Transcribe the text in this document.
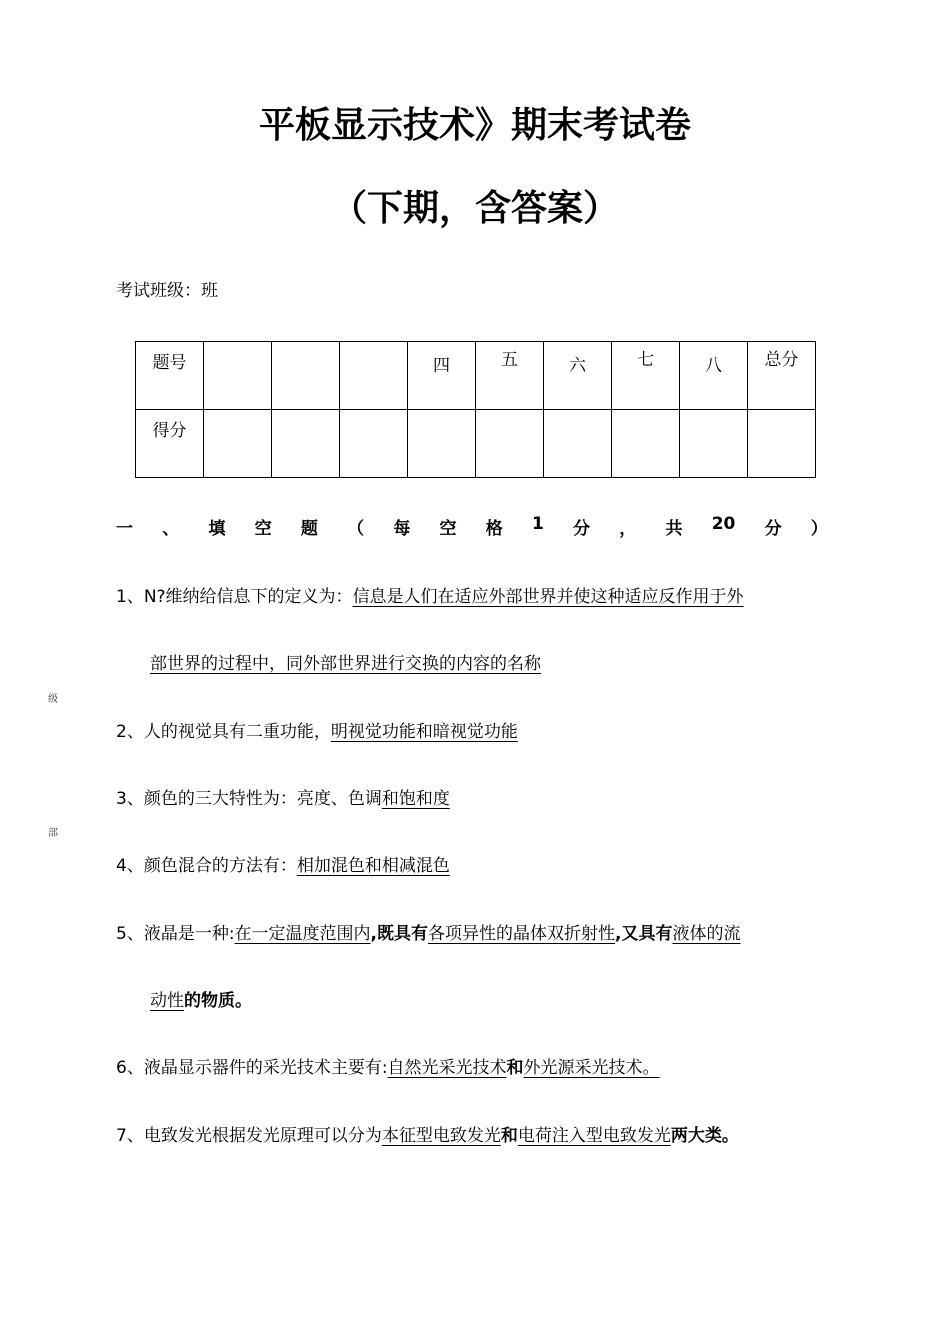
平板显示技术》期末考试卷
（下期，含答案）
考试班级：班
题号				四	五	六	七	八	总分
得分									
一 、 填 空 题 （ 每 空 格 1 分 ， 共 20 分 ）
1、N?维纳给信息下的定义为：信息是人们在适应外部世界并使这种适应反作用于外
部世界的过程中，同外部世界进行交换的内容的名称
级
2、人的视觉具有二重功能，明视觉功能和暗视觉功能
3、颜色的三大特性为：亮度、色调和饱和度
部
4、颜色混合的方法有：相加混色和相减混色
5、液晶是一种:在一定温度范围内,既具有各项异性的晶体双折射性,又具有液体的流
动性的物质。
6、液晶显示器件的采光技术主要有:自然光采光技术和外光源采光技术。
7、电致发光根据发光原理可以分为本征型电致发光和电荷注入型电致发光两大类。
